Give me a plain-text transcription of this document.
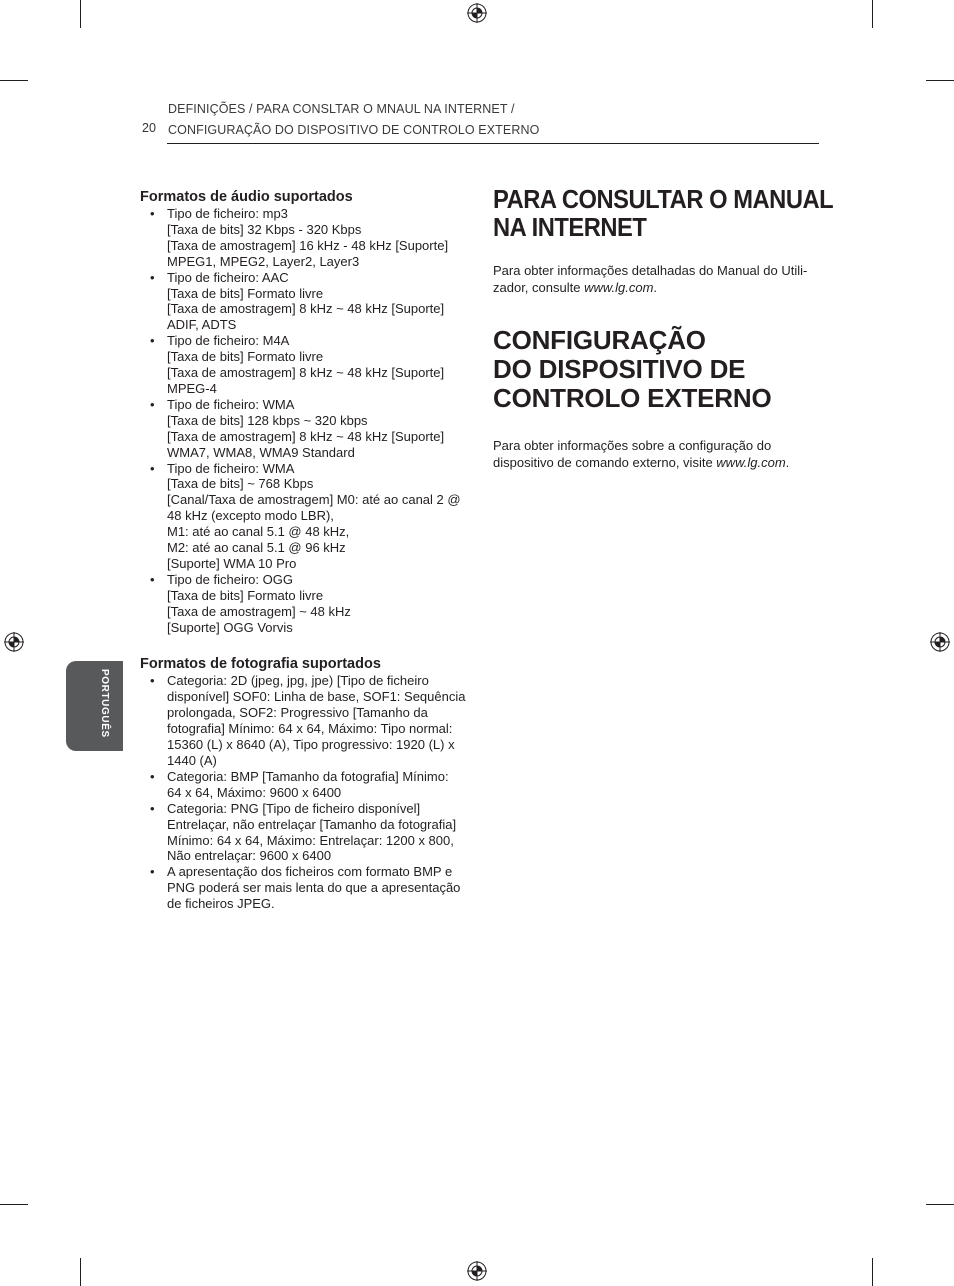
20
DEFINIÇÕES / PARA CONSLTAR O MNAUL NA INTERNET /
CONFIGURAÇÃO DO DISPOSITIVO DE CONTROLO EXTERNO
PORTUGUÊS
Formatos de áudio suportados
• Tipo de ficheiro: mp3
[Taxa de bits] 32 Kbps - 320 Kbps
[Taxa de amostragem] 16 kHz - 48 kHz [Suporte]
MPEG1, MPEG2, Layer2, Layer3
• Tipo de ficheiro: AAC
[Taxa de bits] Formato livre
[Taxa de amostragem] 8 kHz ~ 48 kHz [Suporte]
ADIF, ADTS
• Tipo de ficheiro: M4A
[Taxa de bits] Formato livre
[Taxa de amostragem] 8 kHz ~ 48 kHz [Suporte]
MPEG-4
• Tipo de ficheiro: WMA
[Taxa de bits] 128 kbps ~ 320 kbps
[Taxa de amostragem] 8 kHz ~ 48 kHz [Suporte]
WMA7, WMA8, WMA9 Standard
• Tipo de ficheiro: WMA
[Taxa de bits] ~ 768 Kbps
[Canal/Taxa de amostragem] M0: até ao canal 2 @
48 kHz (excepto modo LBR),
M1: até ao canal 5.1 @ 48 kHz,
M2: até ao canal 5.1 @ 96 kHz
[Suporte] WMA 10 Pro
• Tipo de ficheiro: OGG
[Taxa de bits] Formato livre
[Taxa de amostragem] ~ 48 kHz
[Suporte] OGG Vorvis
Formatos de fotografia suportados
• Categoria: 2D (jpeg, jpg, jpe) [Tipo de ficheiro
disponível] SOF0: Linha de base, SOF1: Sequência
prolongada, SOF2: Progressivo [Tamanho da
fotografia] Mínimo: 64 x 64, Máximo: Tipo normal:
15360 (L) x 8640 (A), Tipo progressivo: 1920 (L) x
1440 (A)
• Categoria: BMP [Tamanho da fotografia] Mínimo:
64 x 64, Máximo: 9600 x 6400
• Categoria: PNG [Tipo de ficheiro disponível]
Entrelaçar, não entrelaçar [Tamanho da fotografia]
Mínimo: 64 x 64, Máximo: Entrelaçar: 1200 x 800,
Não entrelaçar: 9600 x 6400
• A apresentação dos ficheiros com formato BMP e
PNG poderá ser mais lenta do que a apresentação
de ficheiros JPEG.
PARA CONSULTAR O MANUAL
NA INTERNET

Para obter informações detalhadas do Manual do Utili-
zador, consulte www.lg.com.

CONFIGURAÇÃO
DO DISPOSITIVO DE
CONTROLO EXTERNO

Para obter informações sobre a configuração do
dispositivo de comando externo, visite www.lg.com.
